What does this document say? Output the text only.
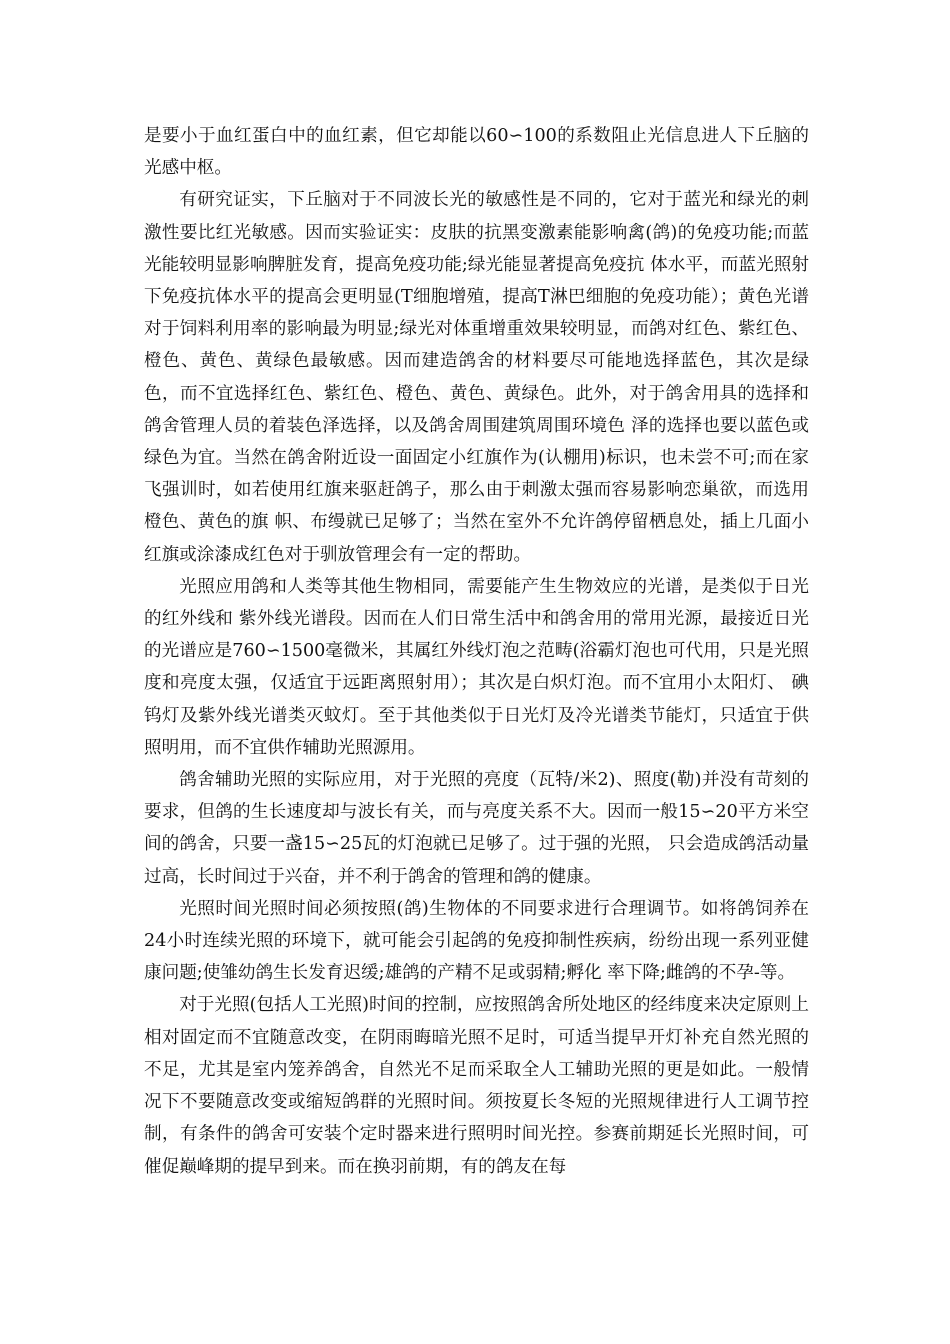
是要小于血红蛋白中的血红素，但它却能以60∽100的系数阻止光信息进人下丘脑的光感中枢。

有研究证实，下丘脑对于不同波长光的敏感性是不同的，它对于蓝光和绿光的刺激性要比红光敏感。因而实验证实：皮肤的抗黑变激素能影响禽(鸽)的免疫功能;而蓝光能较明显影响脾脏发育，提高免疫功能;绿光能显著提高免疫抗 体水平，而蓝光照射下免疫抗体水平的提高会更明显(T细胞增殖，提高T淋巴细胞的免疫功能）；黄色光谱对于饲料利用率的影响最为明显;绿光对体重增重效果较明显，而鸽对红色、紫红色、橙色、黄色、黄绿色最敏感。因而建造鸽舍的材料要尽可能地选择蓝色，其次是绿色，而不宜选择红色、紫红色、橙色、黄色、黄绿色。此外，对于鸽舍用具的选择和鸽舍管理人员的着装色泽选择，以及鸽舍周围建筑周围环境色 泽的选择也要以蓝色或绿色为宜。当然在鸽舍附近设一面固定小红旗作为(认棚用)标识，也未尝不可;而在家飞强训时，如若使用红旗来驱赶鸽子，那么由于刺激太强而容易影响恋巢欲，而选用橙色、黄色的旗 帜、布缦就已足够了；当然在室外不允许鸽停留栖息处，插上几面小红旗或涂漆成红色对于驯放管理会有一定的帮助。

光照应用鸽和人类等其他生物相同，需要能产生生物效应的光谱，是类似于日光的红外线和 紫外线光谱段。因而在人们日常生活中和鸽舍用的常用光源，最接近日光的光谱应是760∽1500毫微米，其属红外线灯泡之范畴(浴霸灯泡也可代用，只是光照度和亮度太强，仅适宜于远距离照射用）；其次是白炽灯泡。而不宜用小太阳灯、 碘钨灯及紫外线光谱类灭蚊灯。至于其他类似于日光灯及冷光谱类节能灯，只适宜于供照明用，而不宜供作辅助光照源用。

鸽舍辅助光照的实际应用，对于光照的亮度（瓦特/米2)、照度(勒)并没有苛刻的要求，但鸽的生长速度却与波长有关，而与亮度关系不大。因而一般15∽20平方米空间的鸽舍，只要一盏15∽25瓦的灯泡就已足够了。过于强的光照， 只会造成鸽活动量过高，长时间过于兴奋，并不利于鸽舍的管理和鸽的健康。

光照时间光照时间必须按照(鸽)生物体的不同要求进行合理调节。如将鸽饲养在24小时连续光照的环境下，就可能会引起鸽的免疫抑制性疾病，纷纷出现一系列亚健康问题;使雏幼鸽生长发育迟缓;雄鸽的产精不足或弱精;孵化 率下降;雌鸽的不孕-等。

对于光照(包括人工光照)时间的控制，应按照鸽舍所处地区的经纬度来决定原则上相对固定而不宜随意改变，在阴雨晦暗光照不足时，可适当提早开灯补充自然光照的不足，尤其是室内笼养鸽舍，自然光不足而采取全人工辅助光照的更是如此。一般情况下不要随意改变或缩短鸽群的光照时间。须按夏长冬短的光照规律进行人工调节控制，有条件的鸽舍可安装个定时器来进行照明时间光控。参赛前期延长光照时间，可催促巅峰期的提早到来。而在换羽前期，有的鸽友在每
